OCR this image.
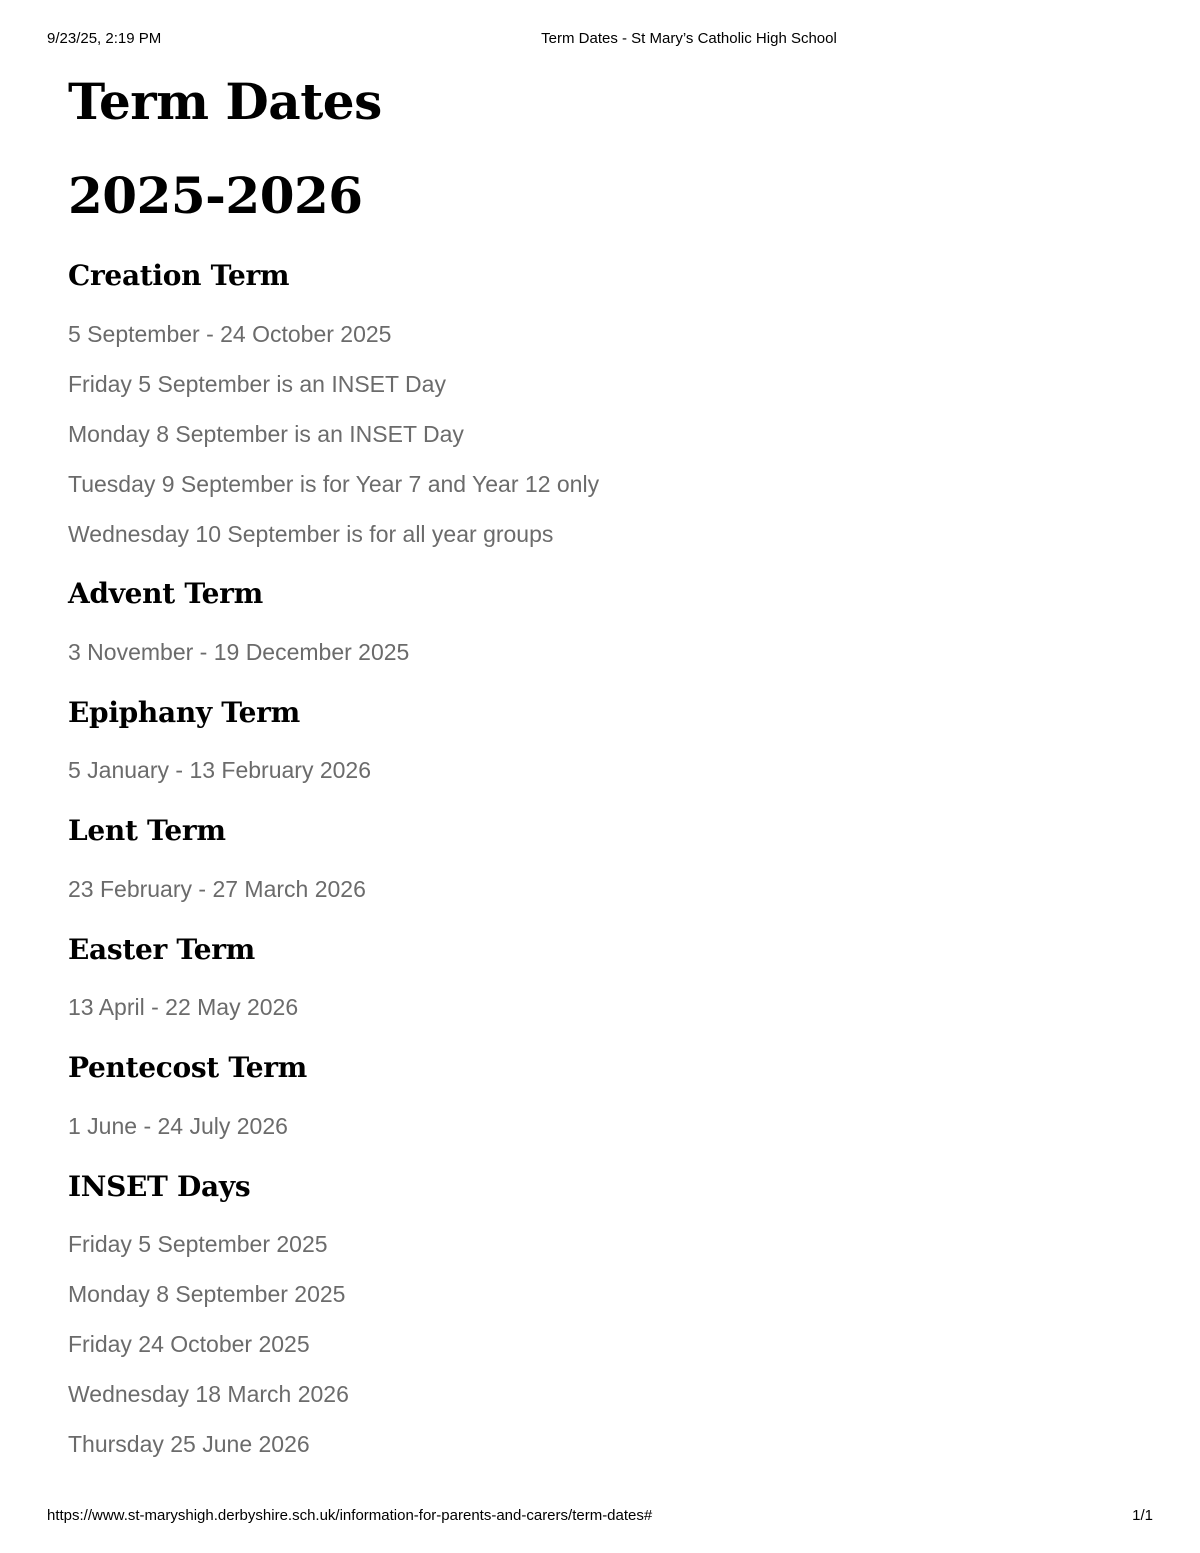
9/23/25, 2:19 PM	Term Dates - St Mary’s Catholic High School
Term Dates
2025-2026
Creation Term

5 September - 24 October 2025

Friday 5 September is an INSET Day

Monday 8 September is an INSET Day

Tuesday 9 September is for Year 7 and Year 12 only

Wednesday 10 September is for all year groups

Advent Term

3 November - 19 December 2025

Epiphany Term

5 January - 13 February 2026

Lent Term

23 February - 27 March 2026

Easter Term

13 April - 22 May 2026

Pentecost Term

1 June - 24 July 2026

INSET Days

Friday 5 September 2025

Monday 8 September 2025

Friday 24 October 2025

Wednesday 18 March 2026

Thursday 25 June 2026

https://www.st-maryshigh.derbyshire.sch.uk/information-for-parents-and-carers/term-dates#	1/1
